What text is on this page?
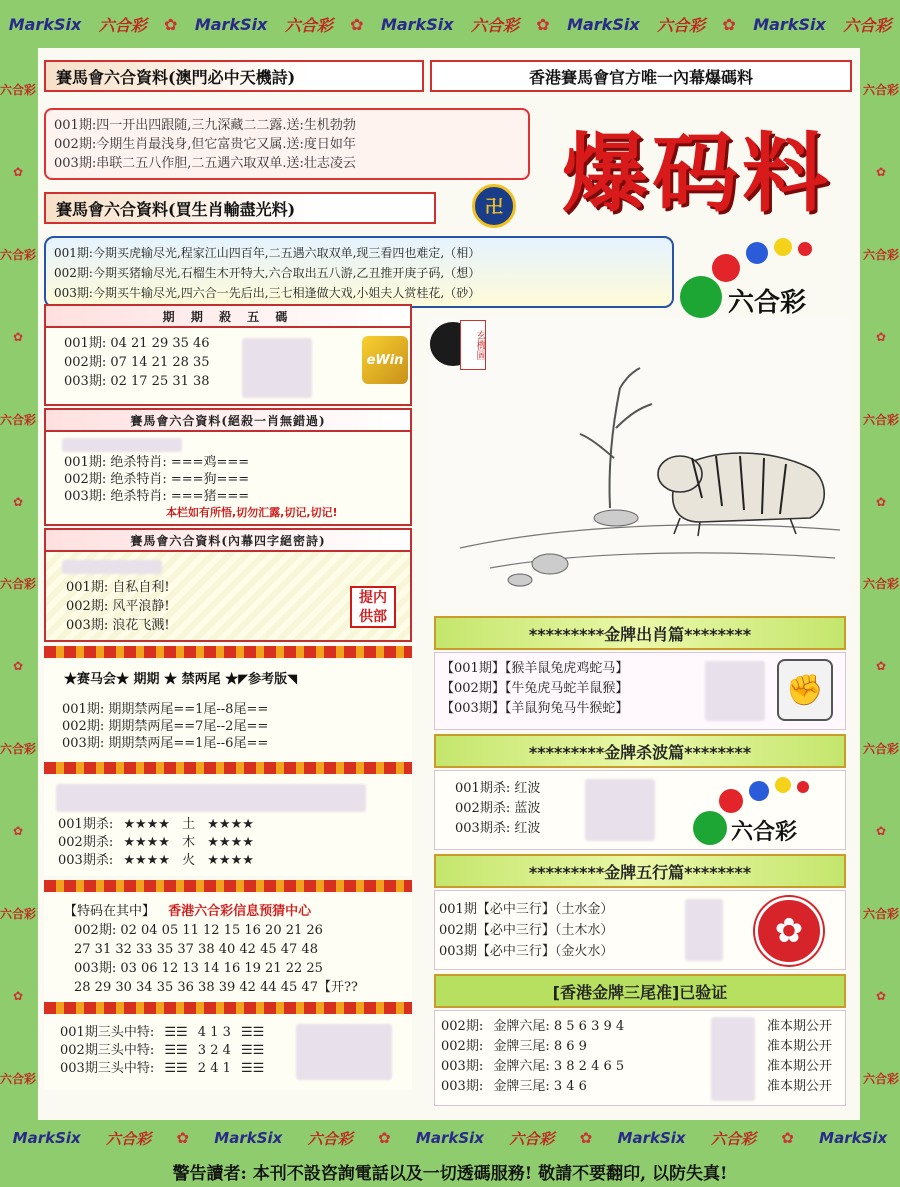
MarkSix 六合彩 ✿ MarkSix 六合彩 ✿ MarkSix 六合彩 ✿ MarkSix 六合彩 ✿ MarkSix 六合彩
六合彩
✿
六合彩
✿
六合彩
✿
六合彩
✿
六合彩
✿
六合彩
✿
六合彩
六合彩
✿
六合彩
✿
六合彩
✿
六合彩
✿
六合彩
✿
六合彩
✿
六合彩
MarkSix 六合彩 ✿ MarkSix 六合彩 ✿ MarkSix 六合彩 ✿ MarkSix 六合彩 ✿ MarkSix
警告讀者: 本刊不設咨詢電話以及一切透碼服務! 敬請不要翻印, 以防失真!
賽馬會六合資料(澳門必中天機詩)	香港賽馬會官方唯一內幕爆碼料
001期:四一开出四跟随,三九深藏二二露.送:生机勃勃
002期:今期生肖最浅身,但它富贵它又属.送:度日如年
003期:串联二五八作胆,二五遇六取双单.送:壮志凌云
賽馬會六合資料(買生肖輸盡光料)	卍 爆码料
001期:今期买虎输尽光,程家江山四百年,二五遇六取双单,现三看四也难定,（相）
002期:今期买猪输尽光,石榴生木开特大,六合取出五八游,乙丑推开庚子码,（想）
003期:今期买牛输尽光,四六合一先后出,三七相逢做大戏,小姐夫人赏桂花,（砂）	六合彩
期 期 殺 五 碼
001期: 04 21 29 35 46
002期: 07 14 21 28 35
003期: 02 17 25 31 38
eWin
賽馬會六合資料(絕殺一肖無錯過)
001期: 绝杀特肖: ===鸡===
002期: 绝杀特肖: ===狗===
003期: 绝杀特肖: ===猪===
本栏如有所悟,切勿汇露,切记,切记!
賽馬會六合資料(內幕四字絕密詩)
001期: 自私自利!
002期: 风平浪静!
003期: 浪花飞溅!
提内供部
★赛马会★ 期期 ★ 禁两尾 ★◤参考版◥
001期: 期期禁两尾==1尾--8尾==
002期: 期期禁两尾==7尾--2尾==
003期: 期期禁两尾==1尾--6尾==
001期杀: ★★★★ 土 ★★★★
002期杀: ★★★★ 木 ★★★★
003期杀: ★★★★ 火 ★★★★
【特码在其中】 香港六合彩信息预猜中心
002期: 02 04 05 11 12 15 16 20 21 26
27 31 32 33 35 37 38 40 42 45 47 48
003期: 03 06 12 13 14 16 19 21 22 25
28 29 30 34 35 36 38 39 42 44 45 47【开??
001期三头中特: ☰☰ 4 1 3 ☰☰
002期三头中特: ☰☰ 3 2 4 ☰☰
003期三头中特: ☰☰ 2 4 1 ☰☰
玄機圖
*********金牌出肖篇********
【001期】【猴羊鼠兔虎鸡蛇马】
【002期】【牛兔虎马蛇羊鼠猴】
【003期】【羊鼠狗兔马牛猴蛇】
✊
*********金牌杀波篇********
001期杀: 红波
002期杀: 蓝波
003期杀: 红波	六合彩
*********金牌五行篇********
001期【必中三行】（土水金）
002期【必中三行】（土木水）
003期【必中三行】（金火水）
✿
[香港金牌三尾准]已验证
002期: 金牌六尾: 8 5 6 3 9 4	准本期公开
002期: 金牌三尾: 8 6 9	准本期公开
003期: 金牌六尾: 3 8 2 4 6 5	准本期公开
003期: 金牌三尾: 3 4 6	准本期公开
